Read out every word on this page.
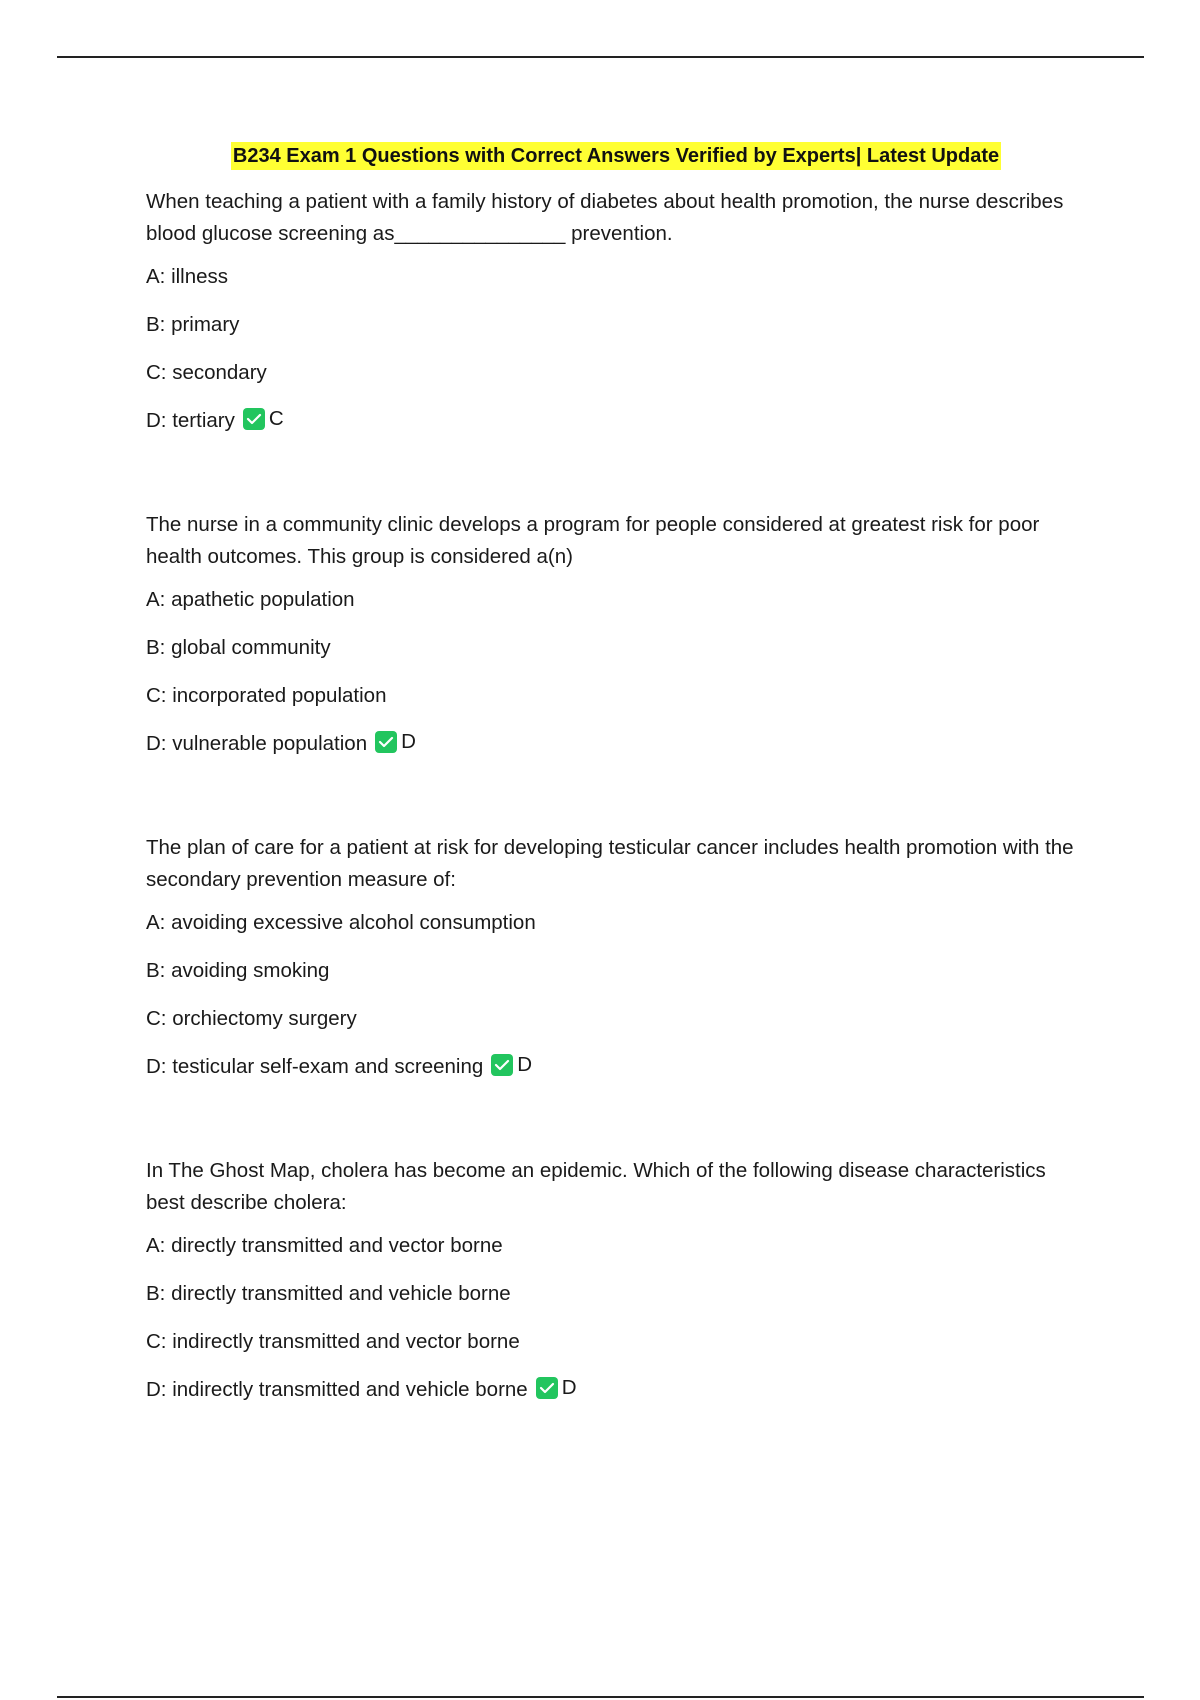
B234 Exam 1 Questions with Correct Answers Verified by Experts| Latest Update

When teaching a patient with a family history of diabetes about health promotion, the nurse describes blood glucose screening as_______________ prevention.

A: illness

B: primary

C: secondary

D: tertiary C

The nurse in a community clinic develops a program for people considered at greatest risk for poor health outcomes. This group is considered a(n)

A: apathetic population

B: global community

C: incorporated population

D: vulnerable population D

The plan of care for a patient at risk for developing testicular cancer includes health promotion with the secondary prevention measure of:

A: avoiding excessive alcohol consumption

B: avoiding smoking

C: orchiectomy surgery

D: testicular self-exam and screening D

In The Ghost Map, cholera has become an epidemic. Which of the following disease characteristics best describe cholera:

A: directly transmitted and vector borne

B: directly transmitted and vehicle borne

C: indirectly transmitted and vector borne

D: indirectly transmitted and vehicle borne D
